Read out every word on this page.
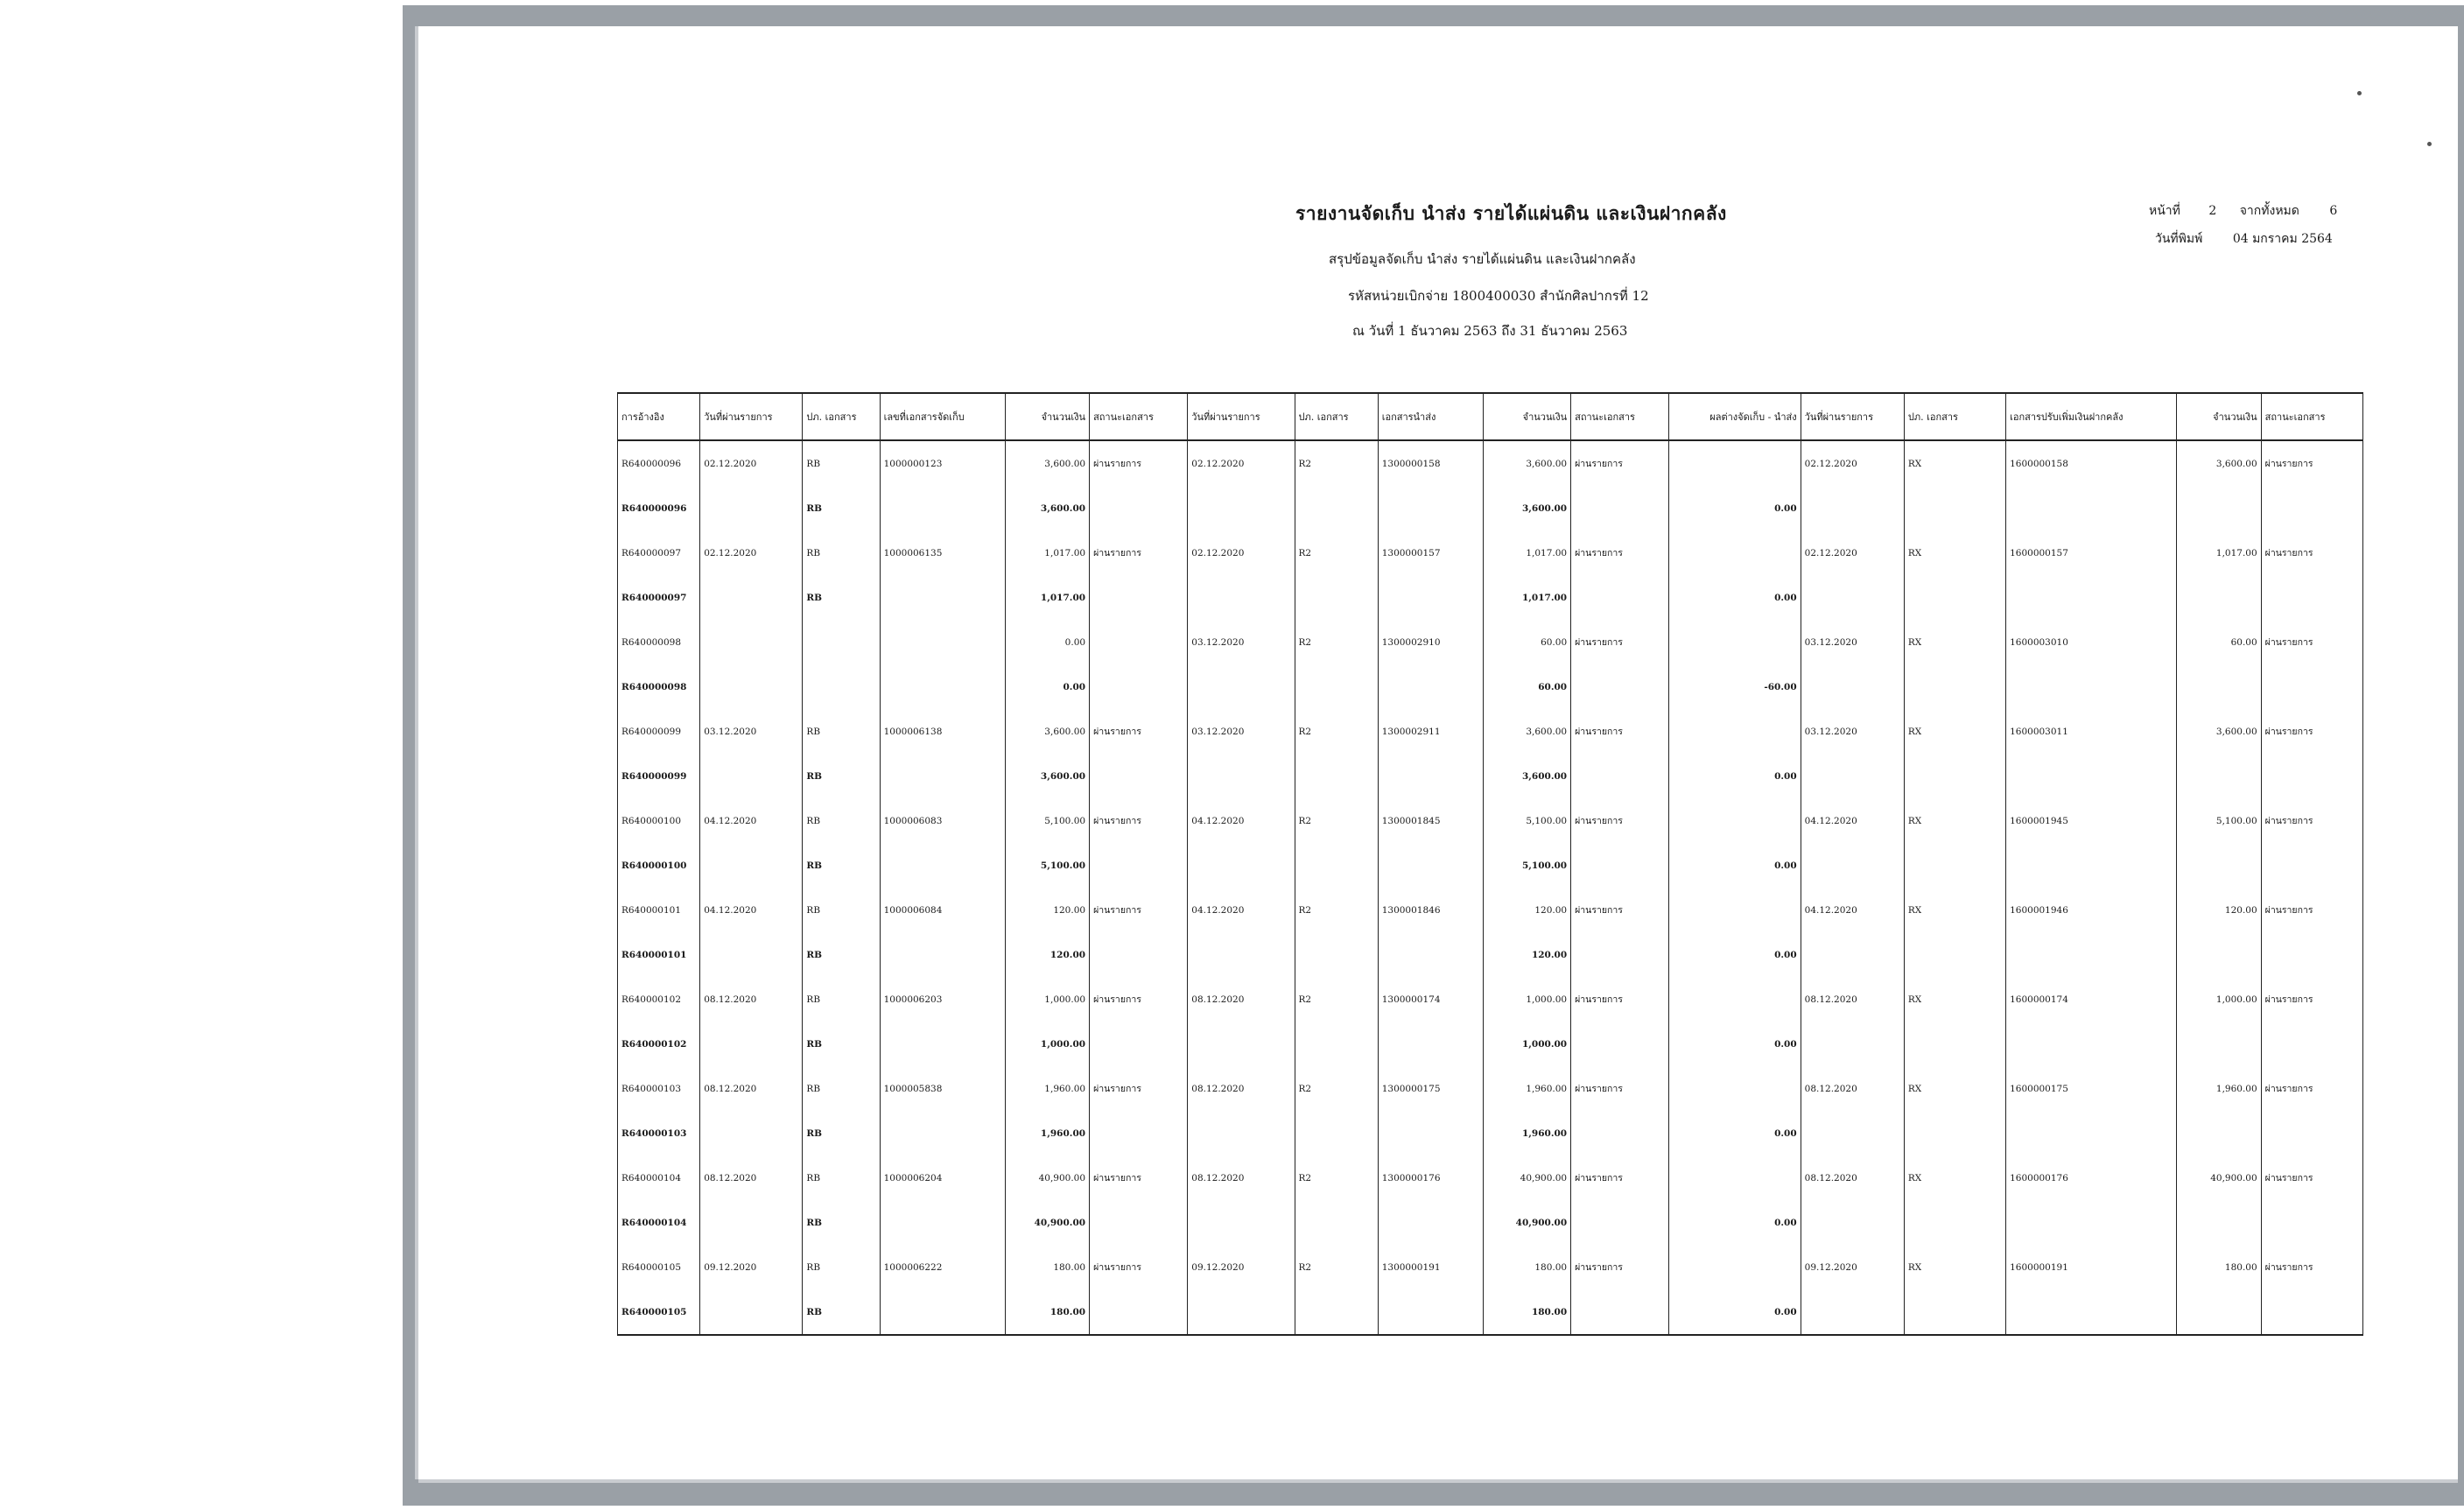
รายงานจัดเก็บ นำส่ง รายได้แผ่นดิน และเงินฝากคลัง
สรุปข้อมูลจัดเก็บ นำส่ง รายได้แผ่นดิน และเงินฝากคลัง
รหัสหน่วยเบิกจ่าย 1800400030 สำนักศิลปากรที่ 12
ณ วันที่ 1 ธันวาคม 2563 ถึง 31 ธันวาคม 2563
หน้าที่ 2 จากทั้งหมด 6
วันที่พิมพ์ 04 มกราคม 2564
การอ้างอิง	วันที่ผ่านรายการ	ปภ. เอกสาร	เลขที่เอกสารจัดเก็บ	จำนวนเงิน	สถานะเอกสาร	วันที่ผ่านรายการ	ปภ. เอกสาร	เอกสารนำส่ง	จำนวนเงิน	สถานะเอกสาร	ผลต่างจัดเก็บ - นำส่ง	วันที่ผ่านรายการ	ปภ. เอกสาร	เอกสารปรับเพิ่มเงินฝากคลัง	จำนวนเงิน	สถานะเอกสาร
R640000096	02.12.2020	RB	1000000123	3,600.00	ผ่านรายการ	02.12.2020	R2	1300000158	3,600.00	ผ่านรายการ		02.12.2020	RX	1600000158	3,600.00	ผ่านรายการ
R640000096		RB		3,600.00					3,600.00		0.00					
R640000097	02.12.2020	RB	1000006135	1,017.00	ผ่านรายการ	02.12.2020	R2	1300000157	1,017.00	ผ่านรายการ		02.12.2020	RX	1600000157	1,017.00	ผ่านรายการ
R640000097		RB		1,017.00					1,017.00		0.00					
R640000098				0.00		03.12.2020	R2	1300002910	60.00	ผ่านรายการ		03.12.2020	RX	1600003010	60.00	ผ่านรายการ
R640000098				0.00					60.00		-60.00					
R640000099	03.12.2020	RB	1000006138	3,600.00	ผ่านรายการ	03.12.2020	R2	1300002911	3,600.00	ผ่านรายการ		03.12.2020	RX	1600003011	3,600.00	ผ่านรายการ
R640000099		RB		3,600.00					3,600.00		0.00					
R640000100	04.12.2020	RB	1000006083	5,100.00	ผ่านรายการ	04.12.2020	R2	1300001845	5,100.00	ผ่านรายการ		04.12.2020	RX	1600001945	5,100.00	ผ่านรายการ
R640000100		RB		5,100.00					5,100.00		0.00					
R640000101	04.12.2020	RB	1000006084	120.00	ผ่านรายการ	04.12.2020	R2	1300001846	120.00	ผ่านรายการ		04.12.2020	RX	1600001946	120.00	ผ่านรายการ
R640000101		RB		120.00					120.00		0.00					
R640000102	08.12.2020	RB	1000006203	1,000.00	ผ่านรายการ	08.12.2020	R2	1300000174	1,000.00	ผ่านรายการ		08.12.2020	RX	1600000174	1,000.00	ผ่านรายการ
R640000102		RB		1,000.00					1,000.00		0.00					
R640000103	08.12.2020	RB	1000005838	1,960.00	ผ่านรายการ	08.12.2020	R2	1300000175	1,960.00	ผ่านรายการ		08.12.2020	RX	1600000175	1,960.00	ผ่านรายการ
R640000103		RB		1,960.00					1,960.00		0.00					
R640000104	08.12.2020	RB	1000006204	40,900.00	ผ่านรายการ	08.12.2020	R2	1300000176	40,900.00	ผ่านรายการ		08.12.2020	RX	1600000176	40,900.00	ผ่านรายการ
R640000104		RB		40,900.00					40,900.00		0.00					
R640000105	09.12.2020	RB	1000006222	180.00	ผ่านรายการ	09.12.2020	R2	1300000191	180.00	ผ่านรายการ		09.12.2020	RX	1600000191	180.00	ผ่านรายการ
R640000105		RB		180.00					180.00		0.00					
